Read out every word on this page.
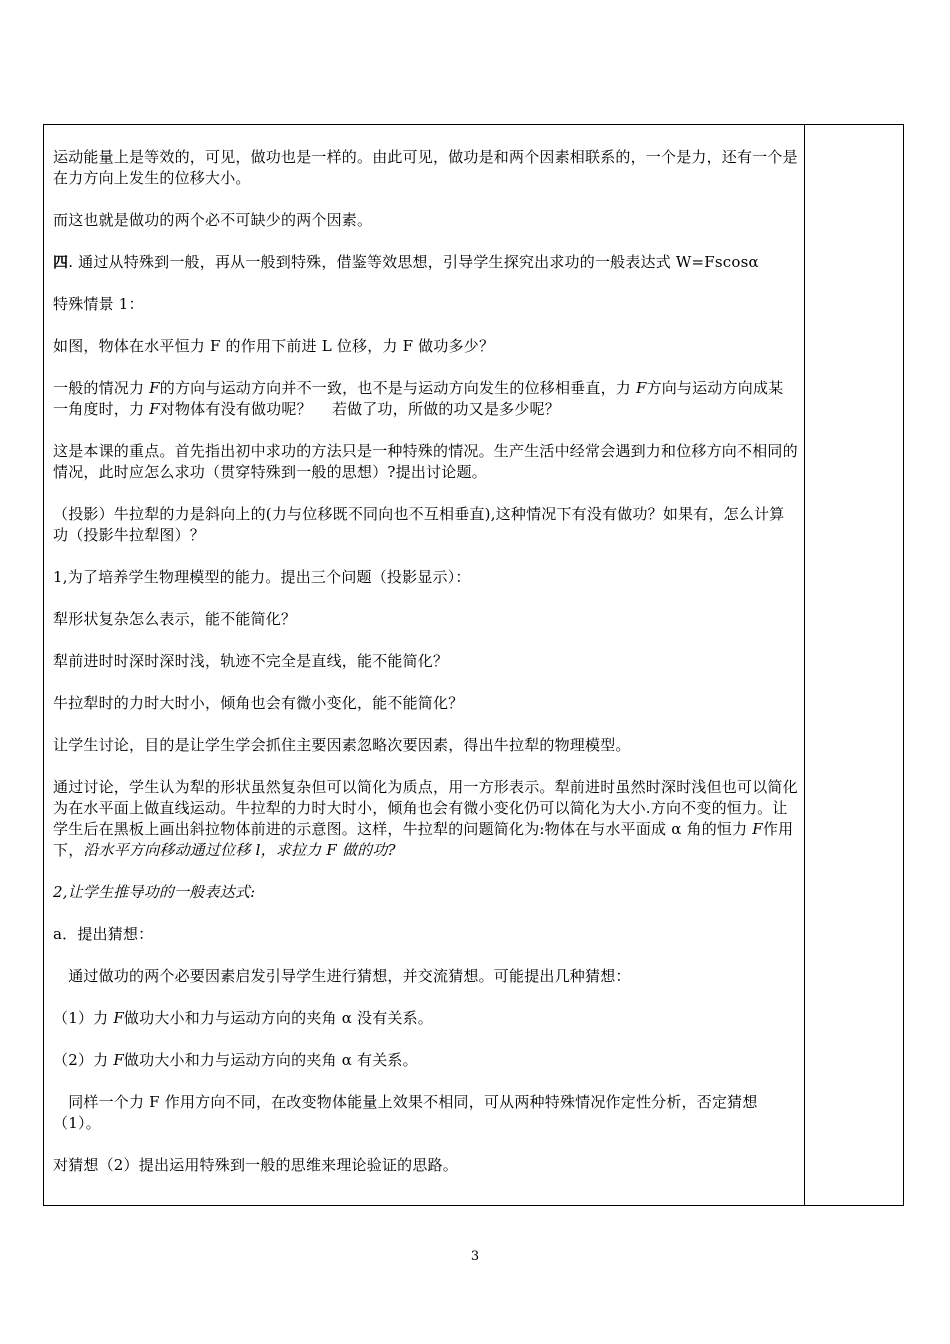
运动能量上是等效的，可见，做功也是一样的。由此可见，做功是和两个因素相联系的，一个是力，还有一个是在力方向上发生的位移大小。

而这也就是做功的两个必不可缺少的两个因素。

四. 通过从特殊到一般，再从一般到特殊，借鉴等效思想，引导学生探究出求功的一般表达式 W=Fscosα

特殊情景 1：

如图，物体在水平恒力 F 的作用下前进 L 位移，力 F 做功多少？

一般的情况力 F的方向与运动方向并不一致，也不是与运动方向发生的位移相垂直，力 F方向与运动方向成某一角度时，力 F对物体有没有做功呢？　 若做了功，所做的功又是多少呢？

这是本课的重点。首先指出初中求功的方法只是一种特殊的情况。生产生活中经常会遇到力和位移方向不相同的情况，此时应怎么求功（贯穿特殊到一般的思想）?提出讨论题。

（投影）牛拉犁的力是斜向上的(力与位移既不同向也不互相垂直),这种情况下有没有做功？如果有，怎么计算功（投影牛拉犁图）？

1,为了培养学生物理模型的能力。提出三个问题（投影显示）：

犁形状复杂怎么表示，能不能简化？

犁前进时时深时深时浅，轨迹不完全是直线，能不能简化？

牛拉犁时的力时大时小，倾角也会有微小变化，能不能简化？

让学生讨论，目的是让学生学会抓住主要因素忽略次要因素，得出牛拉犁的物理模型。

通过讨论，学生认为犁的形状虽然复杂但可以简化为质点，用一方形表示。犁前进时虽然时深时浅但也可以简化为在水平面上做直线运动。牛拉犁的力时大时小，倾角也会有微小变化仍可以简化为大小.方向不变的恒力。让学生后在黑板上画出斜拉物体前进的示意图。这样，牛拉犁的问题简化为:物体在与水平面成 α 角的恒力 F作用下，沿水平方向移动通过位移 l，求拉力 F 做的功?

2,让学生推导功的一般表达式:

a．提出猜想：

　通过做功的两个必要因素启发引导学生进行猜想，并交流猜想。可能提出几种猜想：

（1）力 F做功大小和力与运动方向的夹角 α 没有关系。

（2）力 F做功大小和力与运动方向的夹角 α 有关系。

　同样一个力 F 作用方向不同，在改变物体能量上效果不相同，可从两种特殊情况作定性分析，否定猜想（1）。

对猜想（2）提出运用特殊到一般的思维来理论验证的思路。

3
